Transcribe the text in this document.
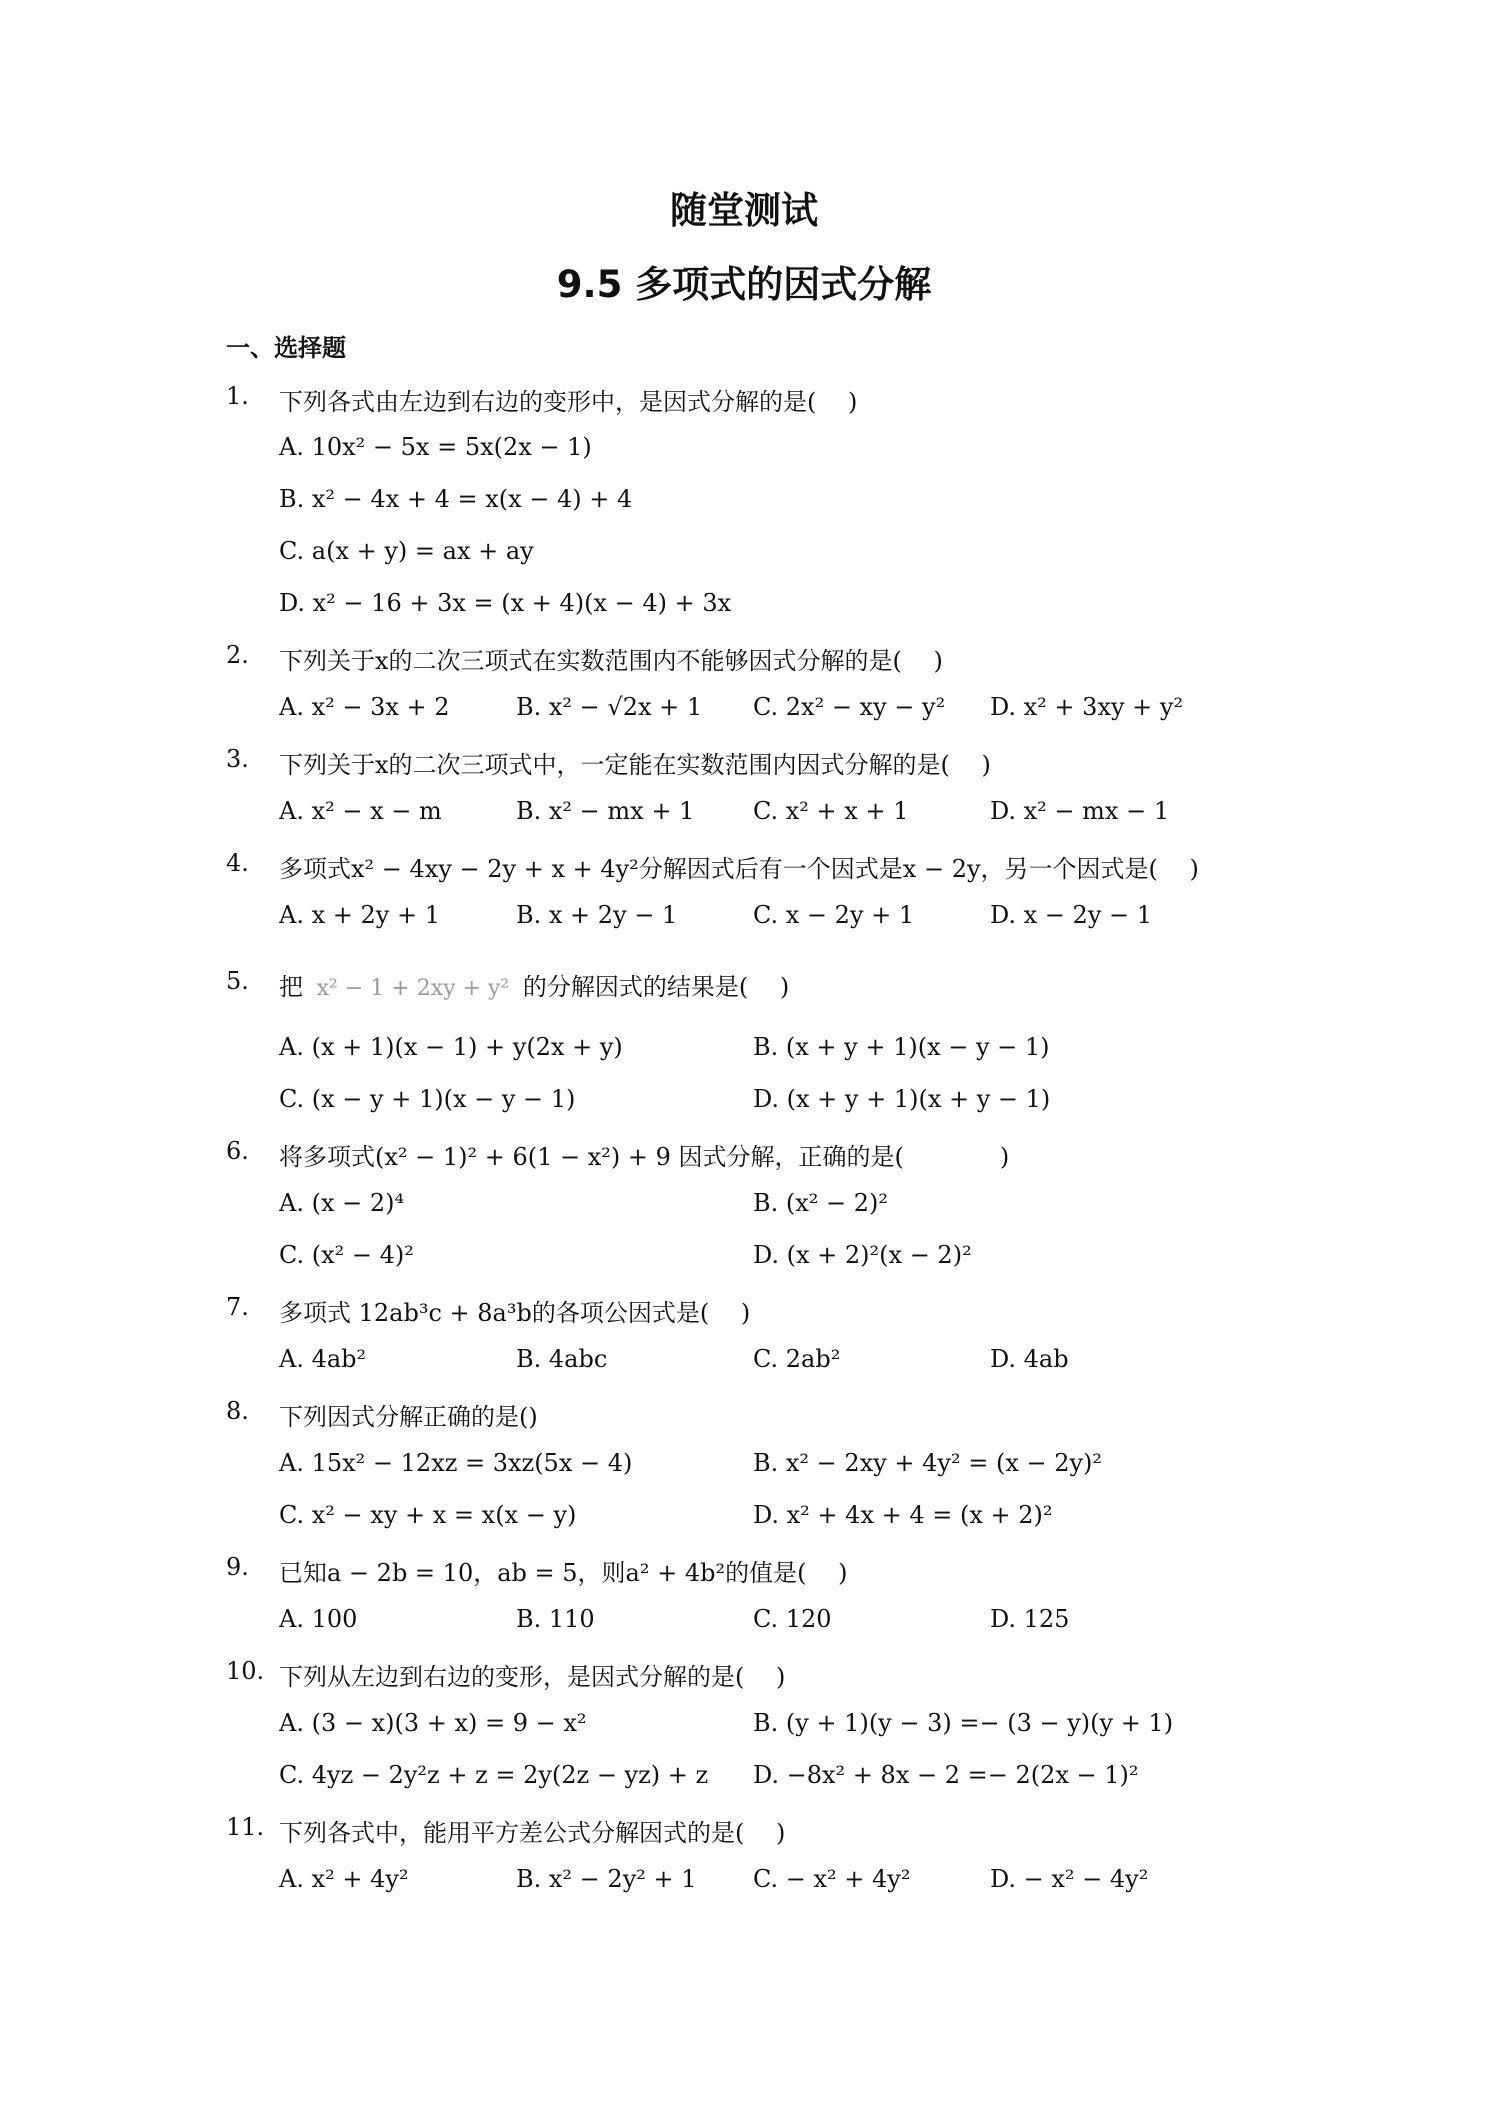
随堂测试
9.5 多项式的因式分解
一、选择题
1. 下列各式由左边到右边的变形中，是因式分解的是(　 )
A. 10x² − 5x = 5x(2x − 1)
B. x² − 4x + 4 = x(x − 4) + 4
C. a(x + y) = ax + ay
D. x² − 16 + 3x = (x + 4)(x − 4) + 3x
2. 下列关于x的二次三项式在实数范围内不能够因式分解的是(　 )
A. x² − 3x + 2	B. x² − √2x + 1 C. 2x² − xy − y² D. x² + 3xy + y²
3. 下列关于x的二次三项式中，一定能在实数范围内因式分解的是(　 )
A. x² − x − m	B. x² − mx + 1 C. x² + x + 1	D. x² − mx − 1
4. 多项式x² − 4xy − 2y + x + 4y²分解因式后有一个因式是x − 2y，另一个因式是(　 )
A. x + 2y + 1	B. x + 2y − 1	C. x − 2y + 1	D. x − 2y − 1
5. 把 x² − 1 + 2xy + y² 的分解因式的结果是(　 )
A. (x + 1)(x − 1) + y(2x + y)	B. (x + y + 1)(x − y − 1)
C. (x − y + 1)(x − y − 1)	D. (x + y + 1)(x + y − 1)
6. 将多项式(x² − 1)² + 6(1 − x²) + 9 因式分解，正确的是(　　　　)
A. (x − 2)⁴	B. (x² − 2)²
C. (x² − 4)²	D. (x + 2)²(x − 2)²
7. 多项式 12ab³c + 8a³b的各项公因式是(　 )
A. 4ab²	B. 4abc	C. 2ab²	D. 4ab
8. 下列因式分解正确的是()
A. 15x² − 12xz = 3xz(5x − 4)	B. x² − 2xy + 4y² = (x − 2y)²
C. x² − xy + x = x(x − y)	D. x² + 4x + 4 = (x + 2)²
9. 已知a − 2b = 10，ab = 5，则a² + 4b²的值是(　 )
A. 100	B. 110	C. 120	D. 125
10. 下列从左边到右边的变形，是因式分解的是(　 )
A. (3 − x)(3 + x) = 9 − x²	B. (y + 1)(y − 3) =− (3 − y)(y + 1)
C. 4yz − 2y²z + z = 2y(2z − yz) + z D. −8x² + 8x − 2 =− 2(2x − 1)²
11. 下列各式中，能用平方差公式分解因式的是(　 )
A. x² + 4y²	B. x² − 2y² + 1 C. − x² + 4y²	D. − x² − 4y²
